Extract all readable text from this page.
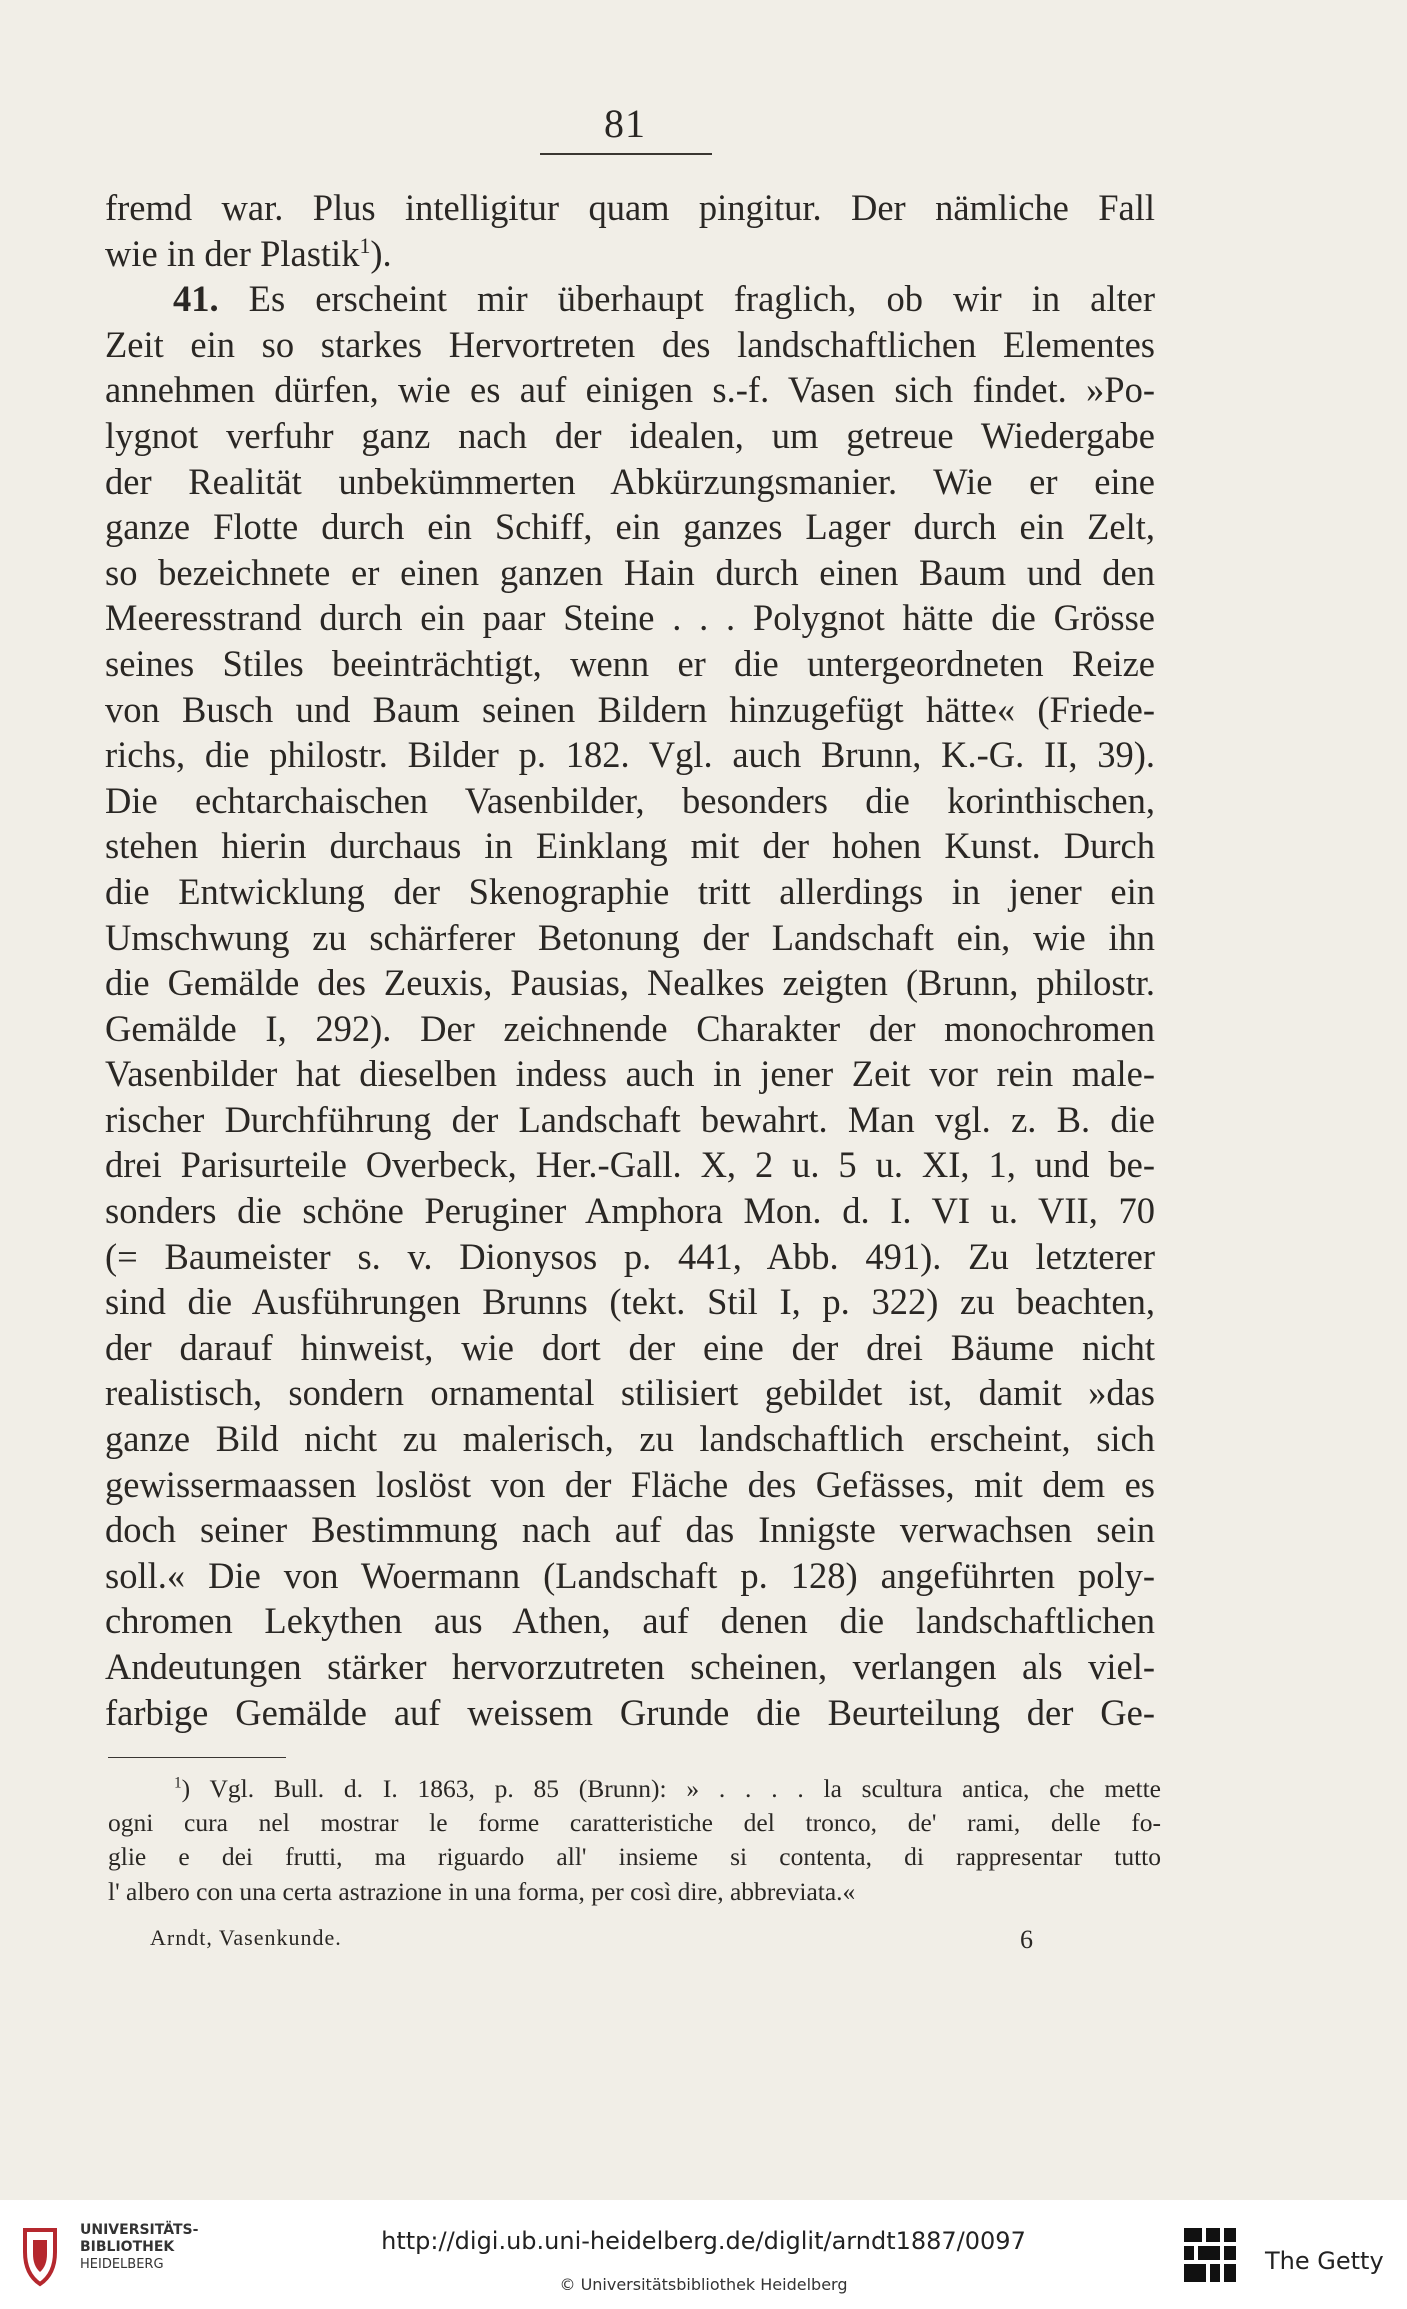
81
fremd war. Plus intelligitur quam pingitur. Der nämliche Fall
wie in der Plastik$^1$).
41. Es erscheint mir überhaupt fraglich, ob wir in alter
Zeit ein so starkes Hervortreten des landschaftlichen Elementes
annehmen dürfen, wie es auf einigen s.-f. Vasen sich findet. »Po-
lygnot verfuhr ganz nach der idealen, um getreue Wiedergabe
der Realität unbekümmerten Abkürzungsmanier. Wie er eine
ganze Flotte durch ein Schiff, ein ganzes Lager durch ein Zelt,
so bezeichnete er einen ganzen Hain durch einen Baum und den
Meeresstrand durch ein paar Steine . . . Polygnot hätte die Grösse
seines Stiles beeinträchtigt, wenn er die untergeordneten Reize
von Busch und Baum seinen Bildern hinzugefügt hätte« (Friede-
richs, die philostr. Bilder p. 182. Vgl. auch Brunn, K.-G. II, 39).
Die echtarchaischen Vasenbilder, besonders die korinthischen,
stehen hierin durchaus in Einklang mit der hohen Kunst. Durch
die Entwicklung der Skenographie tritt allerdings in jener ein
Umschwung zu schärferer Betonung der Landschaft ein, wie ihn
die Gemälde des Zeuxis, Pausias, Nealkes zeigten (Brunn, philostr.
Gemälde I, 292). Der zeichnende Charakter der monochromen
Vasenbilder hat dieselben indess auch in jener Zeit vor rein male-
rischer Durchführung der Landschaft bewahrt. Man vgl. z. B. die
drei Parisurteile Overbeck, Her.-Gall. X, 2 u. 5 u. XI, 1, und be-
sonders die schöne Peruginer Amphora Mon. d. I. VI u. VII, 70
(= Baumeister s. v. Dionysos p. 441, Abb. 491). Zu letzterer
sind die Ausführungen Brunns (tekt. Stil I, p. 322) zu beachten,
der darauf hinweist, wie dort der eine der drei Bäume nicht
realistisch, sondern ornamental stilisiert gebildet ist, damit »das
ganze Bild nicht zu malerisch, zu landschaftlich erscheint, sich
gewissermaassen loslöst von der Fläche des Gefässes, mit dem es
doch seiner Bestimmung nach auf das Innigste verwachsen sein
soll.« Die von Woermann (Landschaft p. 128) angeführten poly-
chromen Lekythen aus Athen, auf denen die landschaftlichen
Andeutungen stärker hervorzutreten scheinen, verlangen als viel-
farbige Gemälde auf weissem Grunde die Beurteilung der Ge-
$^1$) Vgl. Bull. d. I. 1863, p. 85 (Brunn): » . . . . la scultura antica, che mette
ogni cura nel mostrar le forme caratteristiche del tronco, de' rami, delle fo-
glie e dei frutti, ma riguardo all' insieme si contenta, di rappresentar tutto
l' albero con una certa astrazione in una forma, per così dire, abbreviata.«
Arndt, Vasenkunde.	6
UNIVERSITÄTS-
BIBLIOTHEK
HEIDELBERG
http://digi.ub.uni-heidelberg.de/diglit/arndt1887/0097
© Universitätsbibliothek Heidelberg
The Getty
